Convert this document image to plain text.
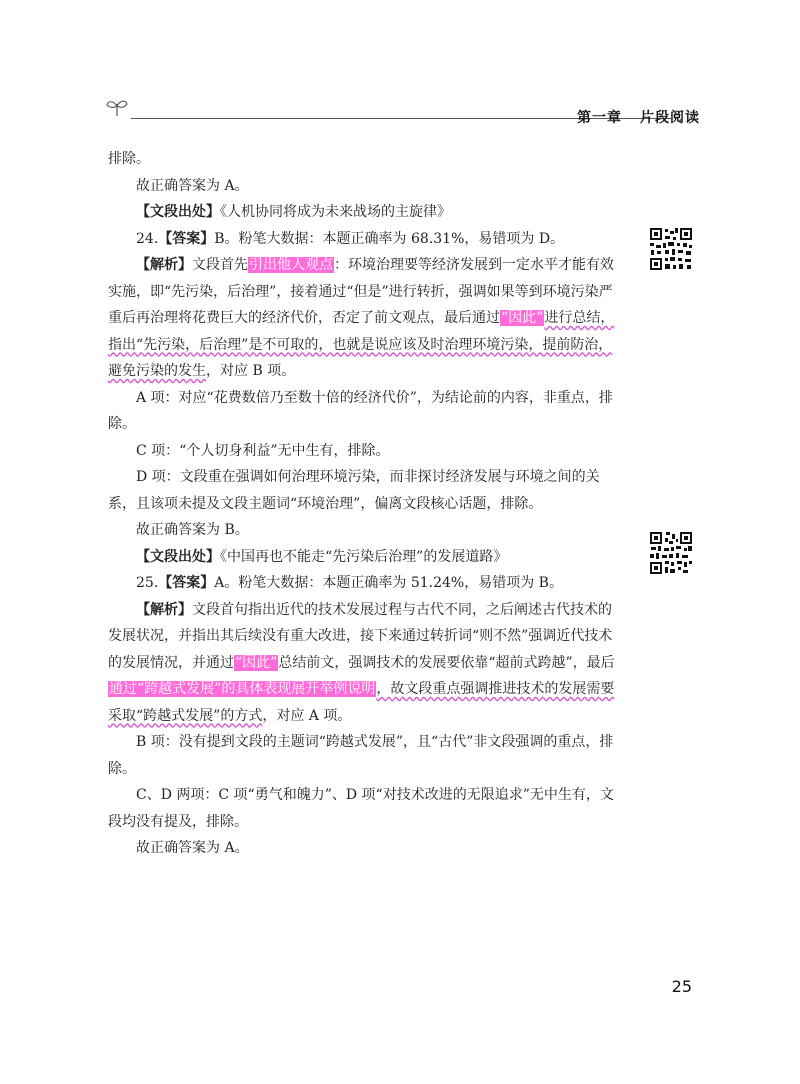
第一章 片段阅读

排除。

故正确答案为 A。

【文段出处】《人机协同将成为未来战场的主旋律》

24.【答案】B。粉笔大数据：本题正确率为 68.31%，易错项为 D。

【解析】文段首先引出他人观点：环境治理要等经济发展到一定水平才能有效实施，即“先污染，后治理”，接着通过“但是”进行转折，强调如果等到环境污染严重后再治理将花费巨大的经济代价，否定了前文观点，最后通过“因此”进行总结，指出“先污染，后治理”是不可取的，也就是说应该及时治理环境污染，提前防治，避免污染的发生，对应 B 项。

A 项：对应“花费数倍乃至数十倍的经济代价”，为结论前的内容，非重点，排除。

C 项：“个人切身利益”无中生有，排除。

D 项：文段重在强调如何治理环境污染，而非探讨经济发展与环境之间的关系，且该项未提及文段主题词“环境治理”，偏离文段核心话题，排除。

故正确答案为 B。

【文段出处】《中国再也不能走“先污染后治理”的发展道路》

25.【答案】A。粉笔大数据：本题正确率为 51.24%，易错项为 B。

【解析】文段首句指出近代的技术发展过程与古代不同，之后阐述古代技术的发展状况，并指出其后续没有重大改进，接下来通过转折词“则不然”强调近代技术的发展情况，并通过“因此”总结前文，强调技术的发展要依靠“超前式跨越”，最后通过“跨越式发展”的具体表现展开举例说明，故文段重点强调推进技术的发展需要采取“跨越式发展”的方式，对应 A 项。

B 项：没有提到文段的主题词“跨越式发展”，且“古代”非文段强调的重点，排除。

C、D 两项：C 项“勇气和魄力”、D 项“对技术改进的无限追求”无中生有，文段均没有提及，排除。

故正确答案为 A。

25
